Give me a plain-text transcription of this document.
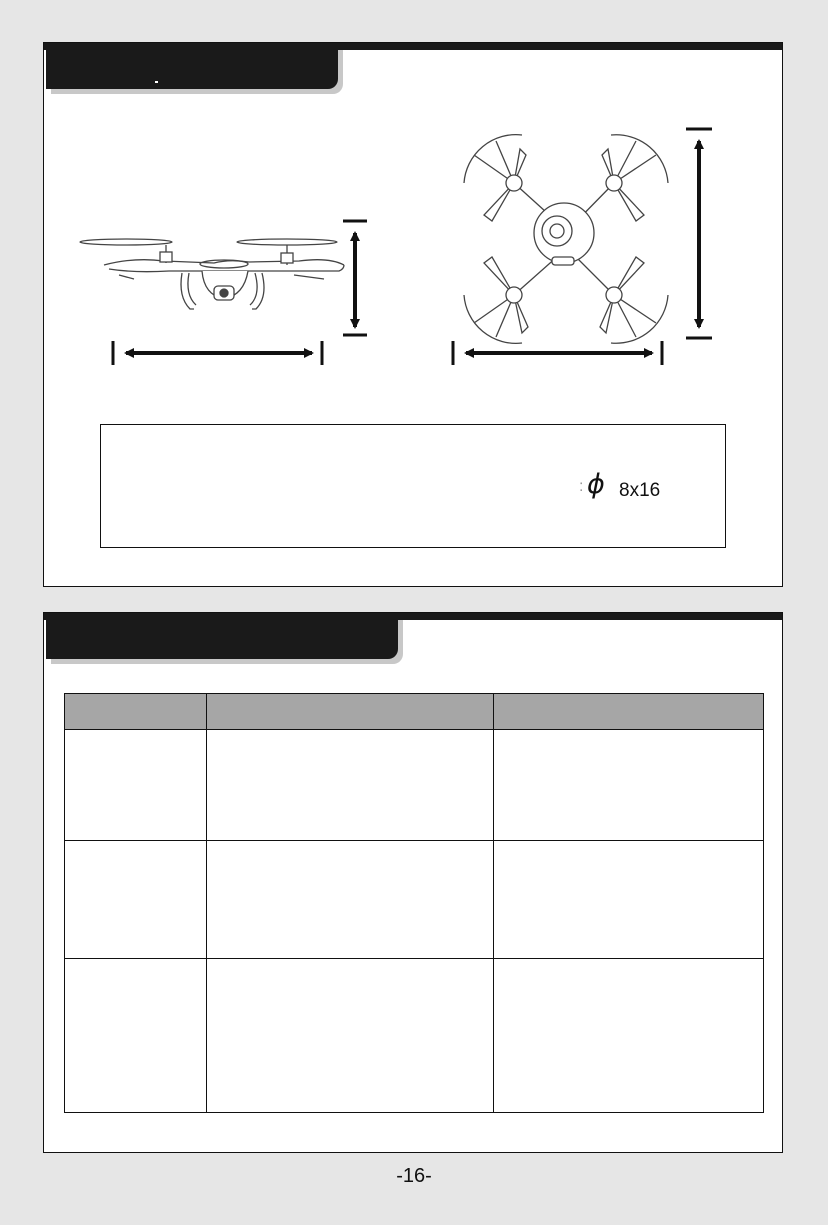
: ϕ 8x16

-16-
